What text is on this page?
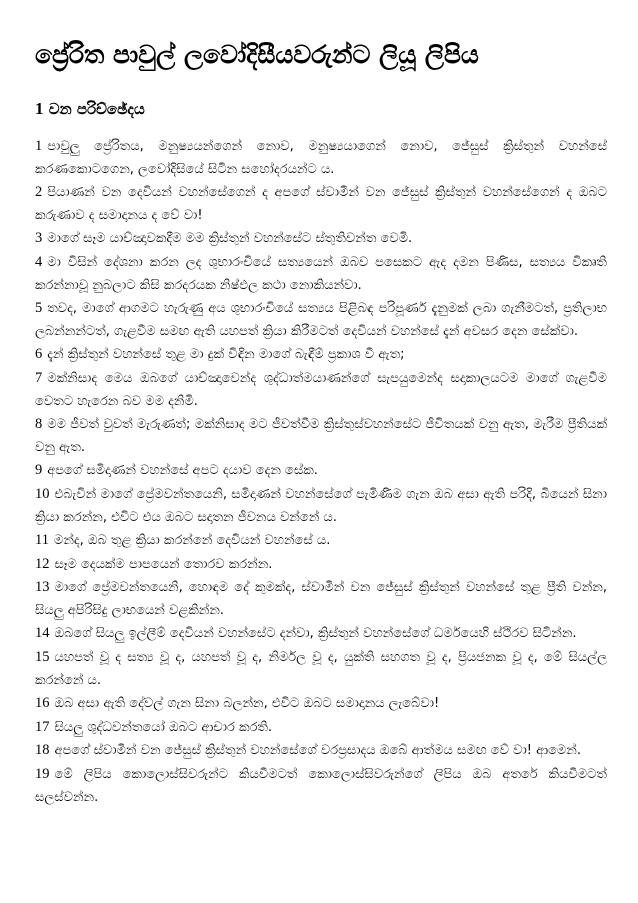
ප්‍රේරිත පාවුල් ලවෝදිසීයවරුන්ට ලියූ ලිපිය
1 වන පරිච්ඡේදය
1 පාවුලු ප්‍රේරිතය, මනුෂ්‍යයන්ගෙන් නොව, මනුෂ්‍යයාගෙන් නොව, ජේසුස් ක්‍රිස්තුන් වහන්සේ කරණකොටගෙන, ලවෝදිසියේ සිටින සහෝදරයන්ට ය.
2 පියාණන් වන දෙවියන් වහන්සේගෙන් ද අපගේ ස්වාමීන් වන ජේසුස් ක්‍රිස්තුන් වහන්සේගෙන් ද ඔබට කරුණාව ද සමාදානය ද වේ වා!
3 මාගේ සෑම යාච්ඤාවකදීම මම ක්‍රිස්තුන් වහන්සේට ස්තුතිවන්ත වෙමි.
4 මා විසින් දේශනා කරන ලද ශුභාරංචියේ සත්‍යයෙන් ඔබව පසෙකට ඇද දමන පිණිස, සත්‍යය විකෘති කරන්නාවූ නුබලාට කිසි කරදරයක නිෂ්ඵල කථා නොකියන්වා.
5 තවද, මාගේ ආගමට හැරුණු අය ශුභාරංචියේ සත්‍යය පිළිබඳ පරිපූර්ණ දැනුමක් ලබා ගැනීමටත්, ප්‍රතිලාභ ලබන්නන්ටත්, ගැළවීම සමඟ ඇති යහපත් ක්‍රියා කිරීමටත් දෙවියන් වහන්සේ දැන් අවසර දෙන සේක්වා.
6 දැන් ක්‍රිස්තුන් වහන්සේ තුළ මා දුක් විඳින මාගේ බැඳීම් ප්‍රකාශ වී ඇත;
7 මක්නිසාද මෙය ඔබගේ යාච්ඤාවෙන්ද ශුද්ධාත්මයාණන්ගේ සැපයුමෙන්ද සදාකාලයටම මාගේ ගැළවීම වෙතට හැරෙන බව මම දනිමි.
8 මම ජීවත් වුවත් මැරුණත්; මක්නිසාද මට ජීවත්වීම ක්‍රිස්තුස්වහන්සේට ජීවිතයක් වනු ඇත, මැරීම ප්‍රීතියක් වනු ඇත.
9 අපගේ සමිදාණන් වහන්සේ අපට දයාව දෙන සේක.
10 එබැවින් මාගේ ප්‍රේමවන්තයෙනි, සමිදාණන් වහන්සේගේ පැමිණීම ගැන ඔබ අසා ඇති පරිදි, බියෙන් සිනා ක්‍රියා කරන්න, එවිට එය ඔබට සදාතන ජීවනය වන්නේ ය.
11 මන්ද, ඔබ තුළ ක්‍රියා කරන්නේ දෙවියන් වහන්සේ ය.
12 සෑම දෙයක්ම පාපයෙන් තොරව කරන්න.
13 මාගේ ප්‍රේමවන්තයෙනි, හොඳම දේ කුමක්ද, ස්වාමීන් වන ජේසුස් ක්‍රිස්තුන් වහන්සේ තුළ ප්‍රීති වන්න, සියලු අපිරිසිදු ලාභයෙන් වළකින්න.
14 ඔබගේ සියලු ඉල්ලීම් දෙවියන් වහන්සේට දන්වා, ක්‍රිස්තුන් වහන්සේගේ ධර්මයෙහි ස්ථිරව සිටින්න.
15 යහපත් වූ ද සත්‍ය වූ ද, යහපත් වූ ද, නිර්මල වූ ද, යුක්ති සහගත වූ ද, ප්‍රියජනක වූ ද, මේ සියල්ල කරන්නේ ය.
16 ඔබ අසා ඇති දේවල් ගැන සිනා බලන්න, එවිට ඔබට සමාදානය ලැබේවා!
17 සියලු ශුද්ධවන්තයෝ ඔබට ආචාර කරති.
18 අපගේ ස්වාමීන් වන ජේසුස් ක්‍රිස්තුන් වහන්සේගේ වරප්‍රසාදය ඔබේ ආත්මය සමඟ වේ වා! ආමෙන්.
19 මේ ලිපිය කොලොස්සිවරුන්ට කියවීමටත් කොලොස්සිවරුන්ගේ ලිපිය ඔබ අතරේ කියවීමටත් සලස්වන්න.
